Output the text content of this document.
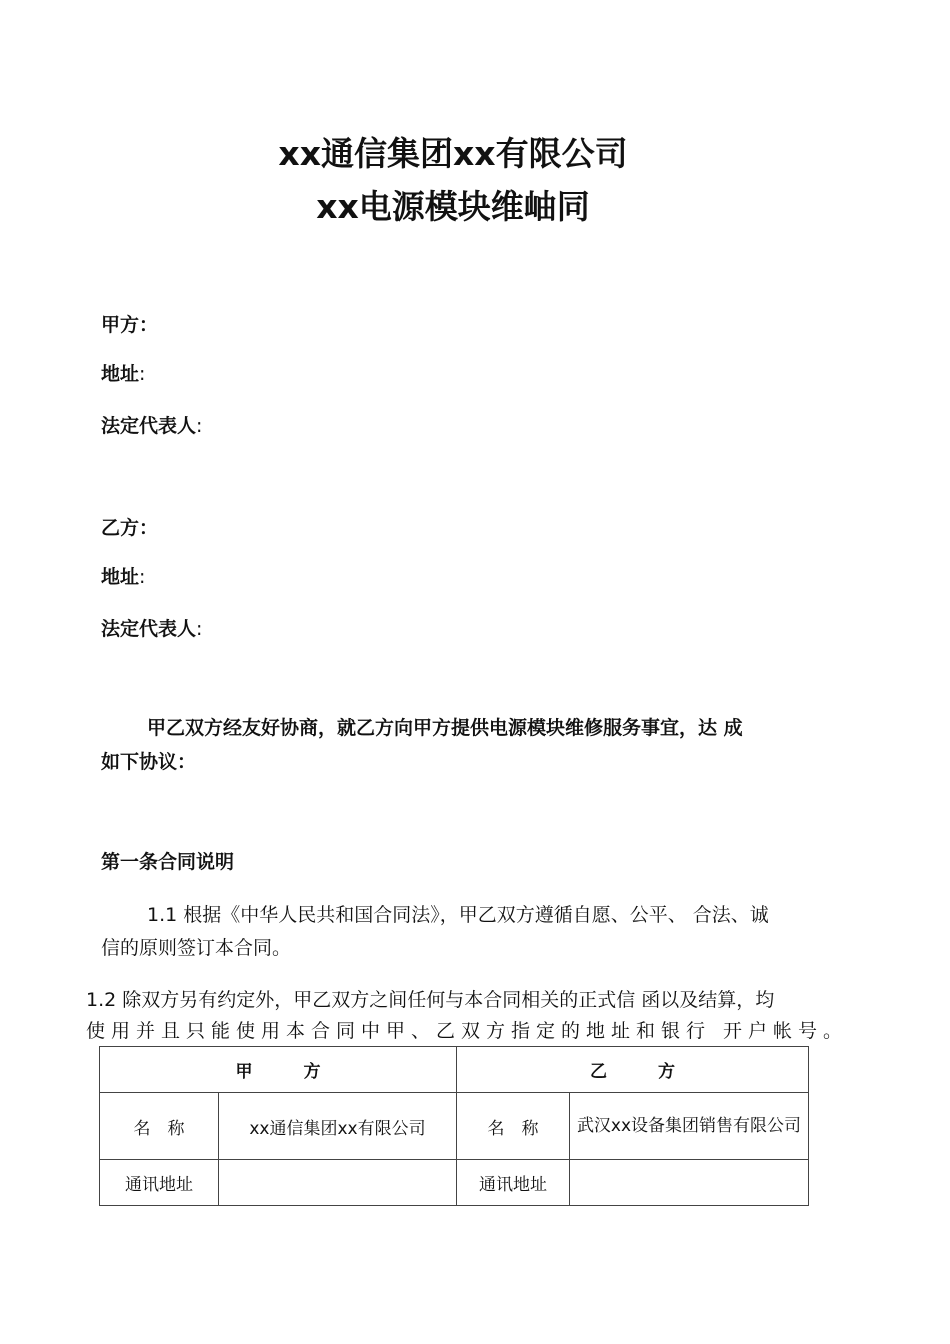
xx通信集团xx有限公司
xx电源模块维岫同
甲方：
地址:
法定代表人:
乙方：
地址:
法定代表人:
甲乙双方经友好协商，就乙方向甲方提供电源模块维修服务事宜，达 成
如下协议：
第一条合同说明
1.1 根据《中华人民共和国合同法》，甲乙双方遵循自愿、公平、 合法、诚
信的原则签订本合同。
1.2 除双方另有约定外，甲乙双方之间任何与本合同相关的正式信 函以及结算，均
使用并且只能使用本合同中甲、乙双方指定的地址和银行 开户帐号。
甲　　　方		乙　　　方	
名　称	xx通信集团xx有限公司	名　称	武汉xx设备集团销售有限公司
通讯地址		通讯地址	
